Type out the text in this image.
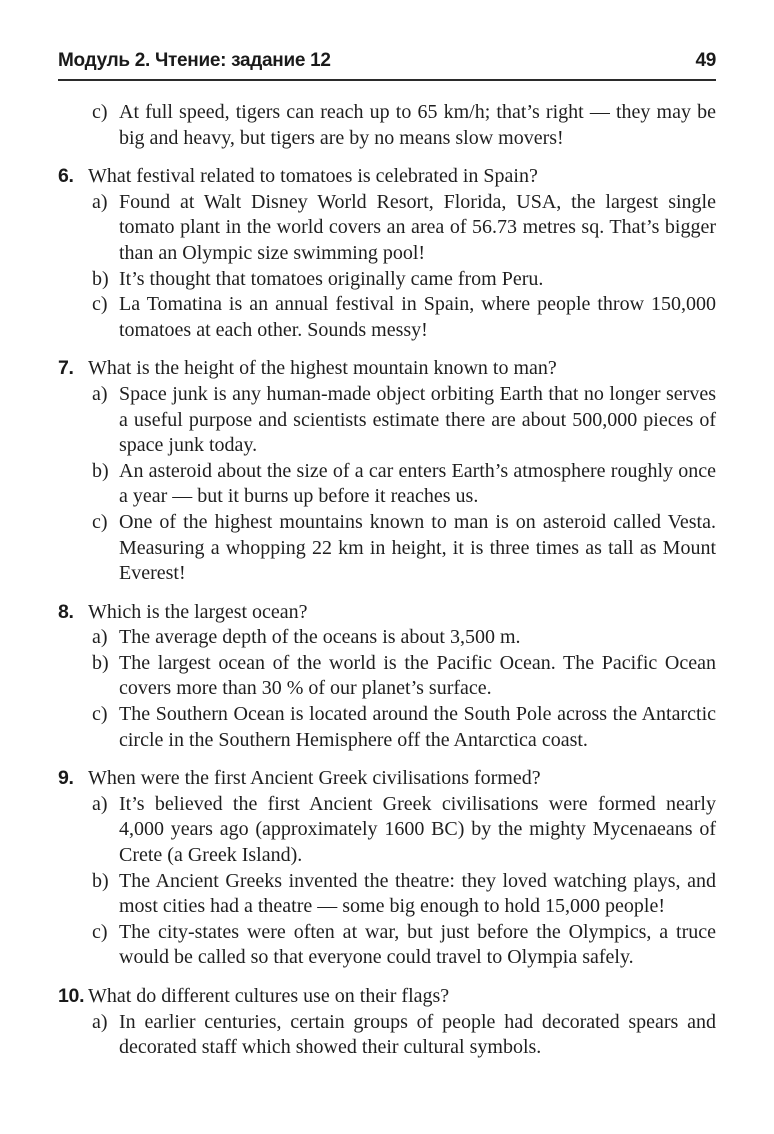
Модуль 2. Чтение: задание 12	49
c) At full speed, tigers can reach up to 65 km/h; that’s right — they may be big and heavy, but tigers are by no means slow movers!
6. What festival related to tomatoes is celebrated in Spain?
a) Found at Walt Disney World Resort, Florida, USA, the largest single tomato plant in the world covers an area of 56.73 metres sq. That’s bigger than an Olympic size swimming pool!
b) It’s thought that tomatoes originally came from Peru.
c) La Tomatina is an annual festival in Spain, where people throw 150,000 tomatoes at each other. Sounds messy!
7. What is the height of the highest mountain known to man?
a) Space junk is any human-made object orbiting Earth that no longer serves a useful purpose and scientists estimate there are about 500,000 pieces of space junk today.
b) An asteroid about the size of a car enters Earth’s atmosphere roughly once a year — but it burns up before it reaches us.
c) One of the highest mountains known to man is on asteroid called Vesta. Measuring a whopping 22 km in height, it is three times as tall as Mount Everest!
8. Which is the largest ocean?
a) The average depth of the oceans is about 3,500 m.
b) The largest ocean of the world is the Pacific Ocean. The Pacific Ocean covers more than 30 % of our planet’s surface.
c) The Southern Ocean is located around the South Pole across the Antarctic circle in the Southern Hemisphere off the Antarctica coast.
9. When were the first Ancient Greek civilisations formed?
a) It’s believed the first Ancient Greek civilisations were formed nearly 4,000 years ago (approximately 1600 BC) by the mighty Mycenaeans of Crete (a Greek Island).
b) The Ancient Greeks invented the theatre: they loved watching plays, and most cities had a theatre — some big enough to hold 15,000 people!
c) The city-states were often at war, but just before the Olympics, a truce would be called so that everyone could travel to Olympia safely.
10. What do different cultures use on their flags?
a) In earlier centuries, certain groups of people had decorated spears and decorated staff which showed their cultural symbols.
